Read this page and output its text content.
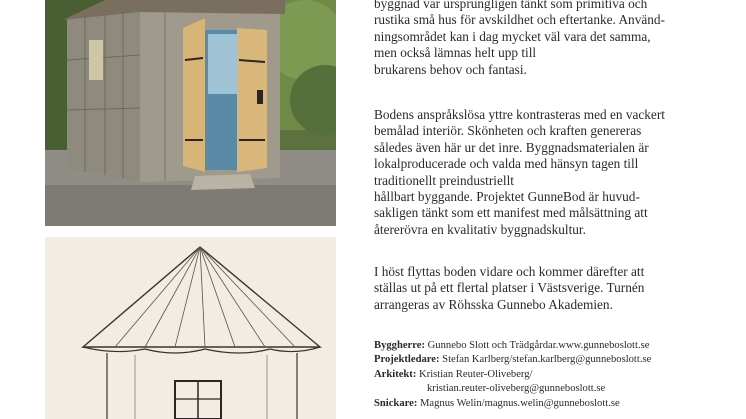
byggnad var ursprungligen tänkt som primitiva och
rustika små hus för avskildhet och eftertanke. Använd-
ningsområdet kan i dag mycket väl vara det samma,
men också lämnas helt upp till
brukarens behov och fantasi.

Bodens anspråkslösa yttre kontrasteras med en vackert
bemålad interiör. Skönheten och kraften genereras
således även här ur det inre. Byggnadsmaterialen är
lokalproducerade och valda med hänsyn tagen till
traditionellt preindustriellt
hållbart byggande. Projektet GunneBod är huvud-
sakligen tänkt som ett manifest med målsättning att
återerövra en kvalitativ byggnadskultur.

I höst flyttas boden vidare och kommer därefter att
ställas ut på ett flertal platser i Västsverige. Turnén
arrangeras av Röhsska Gunnebo Akademien.

Byggherre: Gunnebo Slott och Trädgårdar.www.gunneboslott.se
Projektledare: Stefan Karlberg/stefan.karlberg@gunneboslott.se
Arkitekt: Kristian Reuter-Oliveberg/
kristian.reuter-oliveberg@gunneboslott.se
Snickare: Magnus Welin/magnus.welin@gunneboslott.se
